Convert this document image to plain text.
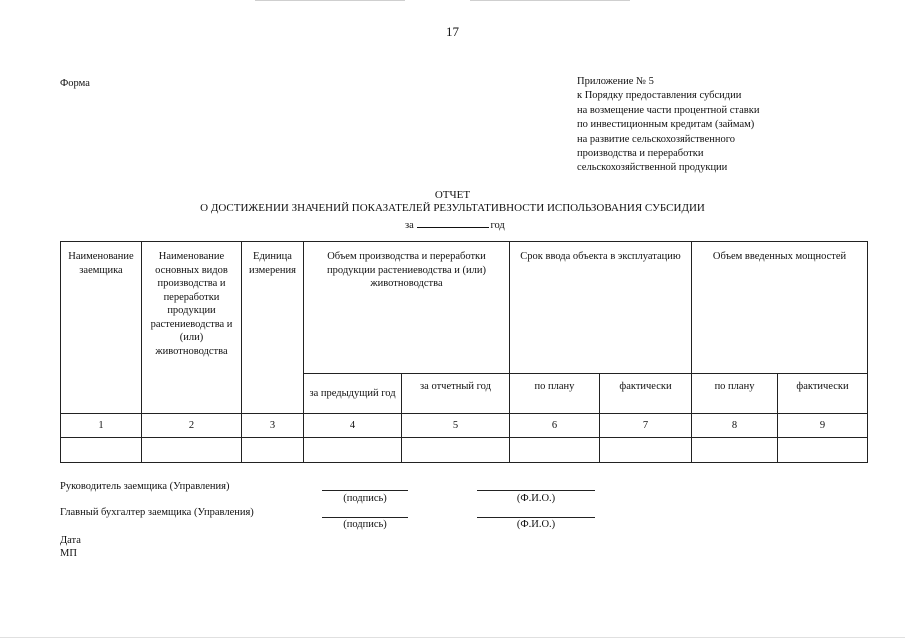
17
Форма	Приложение № 5
к Порядку предоставления субсидии
на возмещение части процентной ставки
по инвестиционным кредитам (займам)
на развитие сельскохозяйственного
производства и переработки
сельскохозяйственной продукции
ОТЧЕТ
О ДОСТИЖЕНИИ ЗНАЧЕНИЙ ПОКАЗАТЕЛЕЙ РЕЗУЛЬТАТИВНОСТИ ИСПОЛЬЗОВАНИЯ СУБСИДИИ
за	год
Наименование заемщика	Наименование основных видов производства и переработки продукции растениеводства и (или) животноводства	Единица измерения	Объем производства и переработки продукции растениеводства и (или) животноводства		Срок ввода объекта в эксплуатацию		Объем введенных мощностей	
			за предыдущий год	за отчетный год	по плану	фактически	по плану	фактически
1	2	3	4	5	6	7	8	9

Руководитель заемщика (Управления)
(подпись)	(Ф.И.О.)
Главный бухгалтер заемщика (Управления)
(подпись)	(Ф.И.О.)
Дата
МП
